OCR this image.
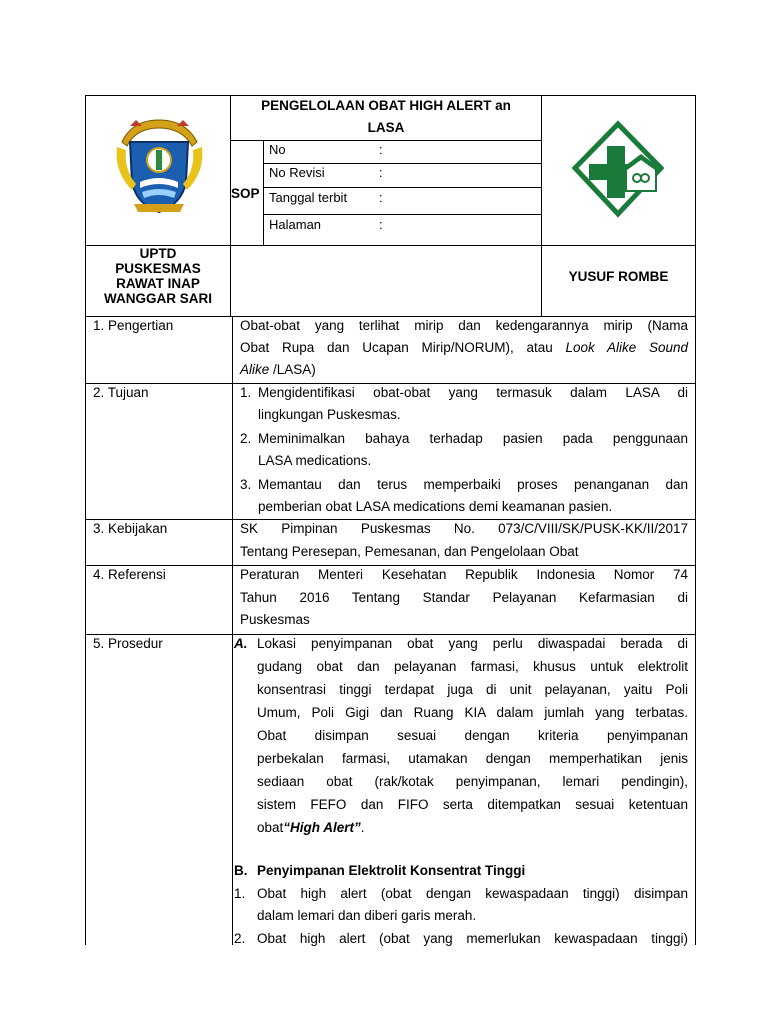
PENGELOLAAN OBAT HIGH ALERT an
LASA
SOP
No	:
No Revisi	:
Tanggal terbit :
Halaman	:
UPTD
PUSKESMAS
RAWAT INAP
WANGGAR SARI
YUSUF ROMBE
1. Pengertian	Obat-obat yang terlihat mirip dan kedengarannya mirip (Nama
Obat Rupa dan Ucapan Mirip/NORUM), atau Look Alike Sound
Alike /LASA)
2. Tujuan	1. Mengidentifikasi obat-obat yang termasuk dalam LASA di
lingkungan Puskesmas.
2. Meminimalkan bahaya terhadap pasien pada penggunaan
LASA medications.
3. Memantau dan terus memperbaiki proses penanganan dan
pemberian obat LASA medications demi keamanan pasien.
3. Kebijakan	SK Pimpinan Puskesmas No. 073/C/VIII/SK/PUSK-KK/II/2017
Tentang Peresepan, Pemesanan, dan Pengelolaan Obat
4. Referensi	Peraturan Menteri Kesehatan Republik Indonesia Nomor 74
Tahun 2016 Tentang Standar Pelayanan Kefarmasian di
Puskesmas
5. Prosedur	A. Lokasi penyimpanan obat yang perlu diwaspadai berada di
gudang obat dan pelayanan farmasi, khusus untuk elektrolit
konsentrasi tinggi terdapat juga di unit pelayanan, yaitu Poli
Umum, Poli Gigi dan Ruang KIA dalam jumlah yang terbatas.
Obat disimpan sesuai dengan kriteria penyimpanan
perbekalan farmasi, utamakan dengan memperhatikan jenis
sediaan obat (rak/kotak penyimpanan, lemari pendingin),
sistem FEFO dan FIFO serta ditempatkan sesuai ketentuan
obat“High Alert”.
B. Penyimpanan Elektrolit Konsentrat Tinggi
1. Obat high alert (obat dengan kewaspadaan tinggi) disimpan
dalam lemari dan diberi garis merah.
2. Obat high alert (obat yang memerlukan kewaspadaan tinggi)
